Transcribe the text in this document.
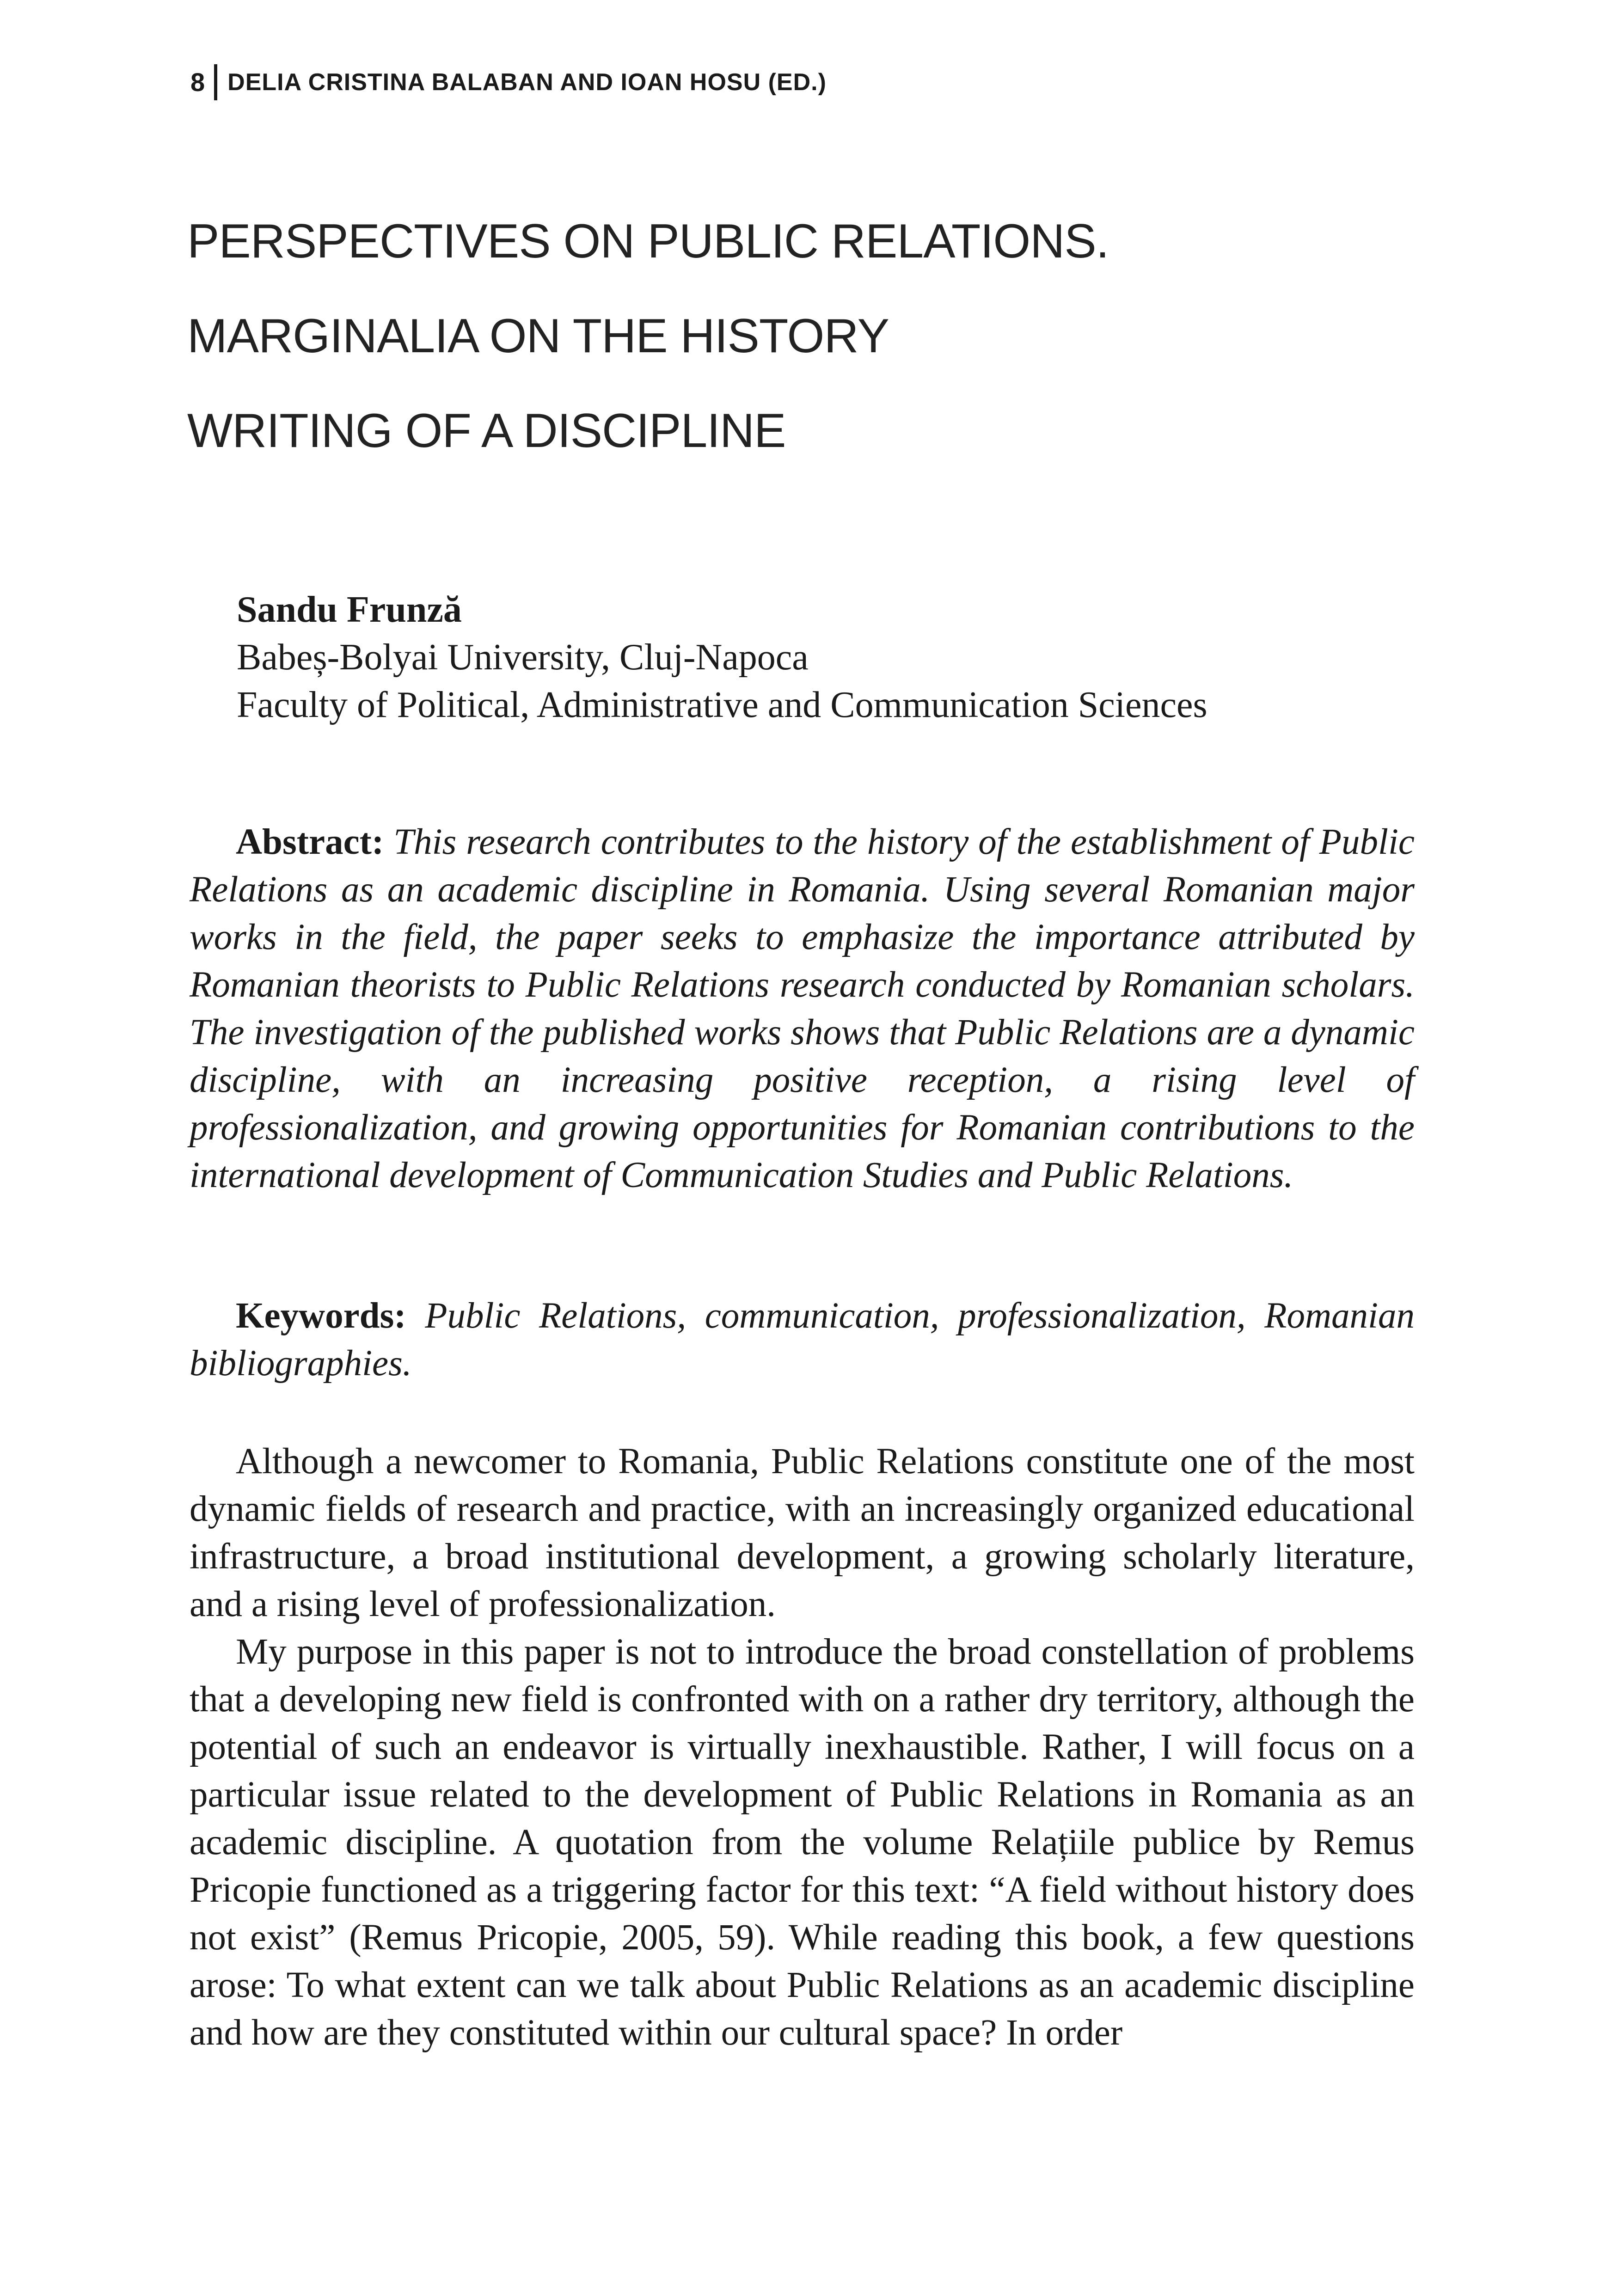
8 DELIA CRISTINA BALABAN AND IOAN HOSU (ED.)
PERSPECTIVES ON PUBLIC RELATIONS.
MARGINALIA ON THE HISTORY
WRITING OF A DISCIPLINE
Sandu Frunză
Babeș-Bolyai University, Cluj-Napoca
Faculty of Political, Administrative and Communication Sciences
Abstract: This research contributes to the history of the establishment of Public Relations as an academic discipline in Romania. Using several Romanian major works in the field, the paper seeks to emphasize the importance attributed by Romanian theorists to Public Relations research conducted by Romanian scholars. The investigation of the published works shows that Public Relations are a dynamic discipline, with an increasing positive reception, a rising level of professionalization, and growing opportunities for Romanian contributions to the international development of Communication Studies and Public Relations.
Keywords: Public Relations, communication, professionalization, Romanian bibliographies.

Although a newcomer to Romania, Public Relations constitute one of the most dynamic fields of research and practice, with an increasingly organized educational infrastructure, a broad institutional development, a growing scholarly literature, and a rising level of professionalization.

My purpose in this paper is not to introduce the broad constellation of problems that a developing new field is confronted with on a rather dry territory, although the potential of such an endeavor is virtually inexhaustible. Rather, I will focus on a particular issue related to the development of Public Relations in Romania as an academic discipline. A quotation from the volume Relațiile publice by Remus Pricopie functioned as a triggering factor for this text: “A field without history does not exist” (Remus Pricopie, 2005, 59). While reading this book, a few questions arose: To what extent can we talk about Public Relations as an academic discipline and how are they constituted within our cultural space? In order
